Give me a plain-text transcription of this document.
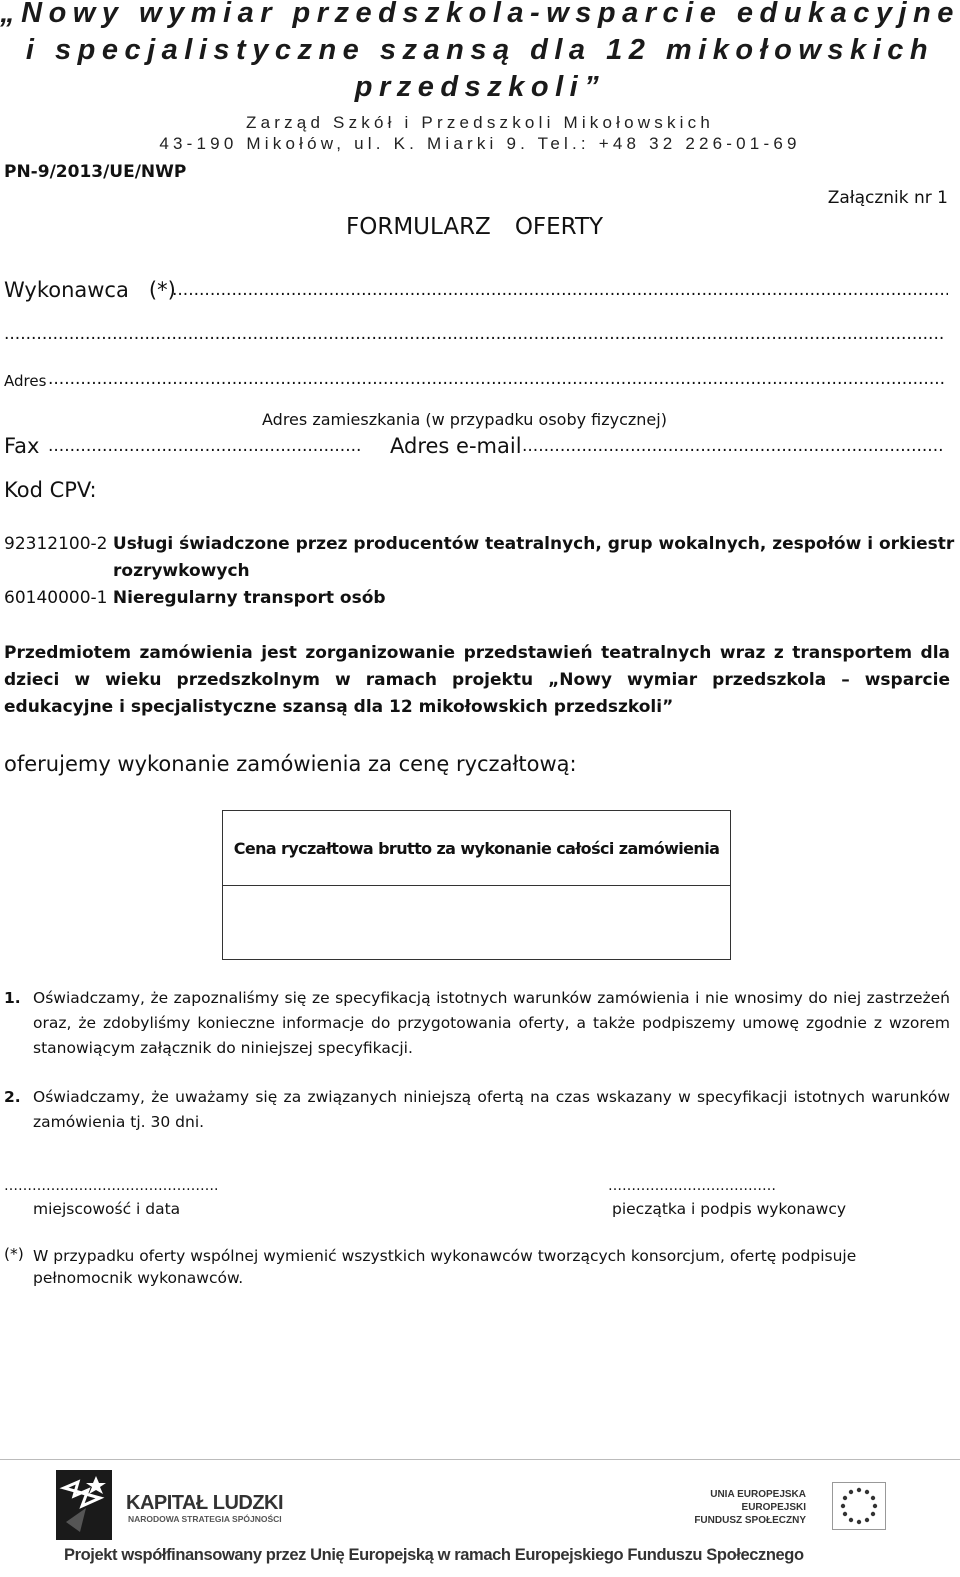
„Nowy wymiar przedszkola-wsparcie edukacyjne
i specjalistyczne szansą dla 12 mikołowskich
przedszkoli”
Zarząd Szkół i Przedszkoli Mikołowskich
43-190 Mikołów, ul. K. Miarki 9. Tel.: +48 32 226-01-69
PN-9/2013/UE/NWP
Załącznik nr 1
FORMULARZ OFERTY
Wykonawca (*)
.....
.....
Adres
.....
Adres zamieszkania (w przypadku osoby fizycznej)
Fax
.....	Adres e-mail
.....
Kod CPV:
92312100-2 Usługi świadczone przez producentów teatralnych, grup wokalnych, zespołów i orkiestr
rozrywkowych
60140000-1 Nieregularny transport osób
Przedmiotem zamówienia jest zorganizowanie przedstawień teatralnych wraz z transportem dla dzieci w wieku przedszkolnym w ramach projektu „Nowy wymiar przedszkola – wsparcie edukacyjne i specjalistyczne szansą dla 12 mikołowskich przedszkoli”
oferujemy wykonanie zamówienia za cenę ryczałtową:
Cena ryczałtowa brutto za wykonanie całości zamówienia
1. Oświadczamy, że zapoznaliśmy się ze specyfikacją istotnych warunków zamówienia i nie wnosimy do niej zastrzeżeń oraz, że zdobyliśmy konieczne informacje do przygotowania oferty, a także podpiszemy umowę zgodnie z wzorem stanowiącym załącznik do niniejszej specyfikacji.
2. Oświadczamy, że uważamy się za związanych niniejszą ofertą na czas wskazany w specyfikacji istotnych warunków zamówienia tj. 30 dni.
……………………………………….
miejscowość i data
………………………………
pieczątka i podpis wykonawcy
(*) W przypadku oferty wspólnej wymienić wszystkich wykonawców tworzących konsorcjum, ofertę podpisuje pełnomocnik wykonawców.
KAPITAŁ LUDZKI
NARODOWA STRATEGIA SPÓJNOŚCI
UNIA EUROPEJSKA
EUROPEJSKI
FUNDUSZ SPOŁECZNY
Projekt współfinansowany przez Unię Europejską w ramach Europejskiego Funduszu Społecznego
